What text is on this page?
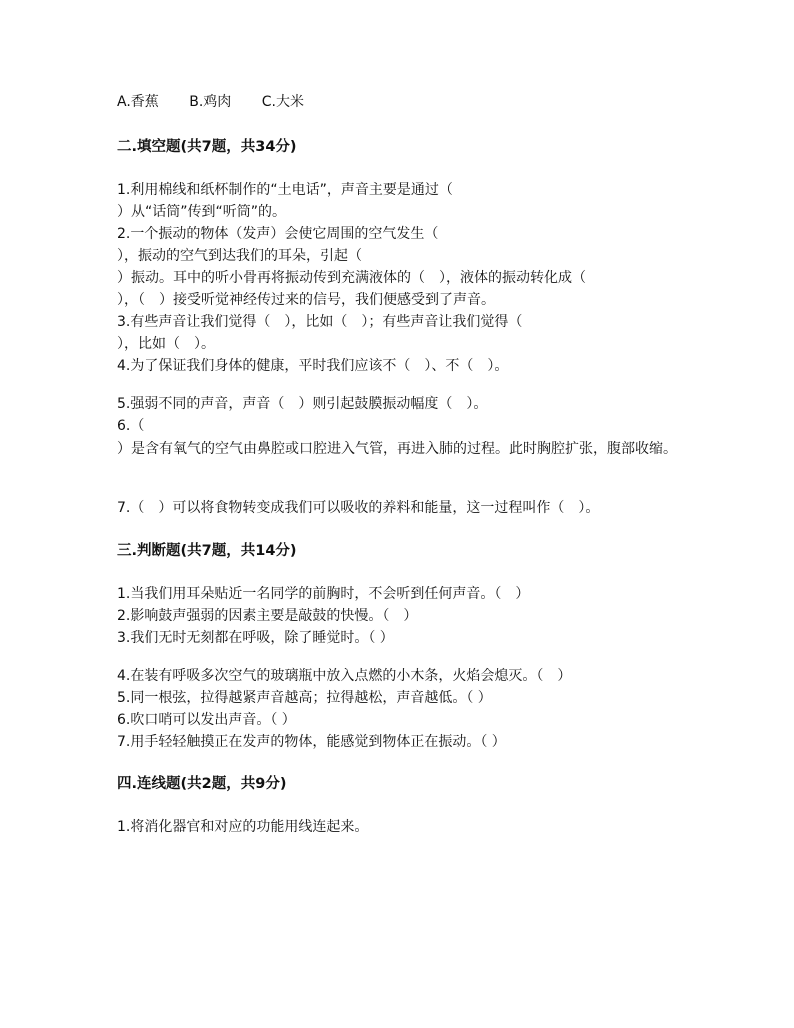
A.香蕉 B.鸡肉 C.大米
二.填空题(共7题，共34分)
1.利用棉线和纸杯制作的“土电话”，声音主要是通过（
）从“话筒”传到“听筒”的。
2.一个振动的物体（发声）会使它周围的空气发生（
），振动的空气到达我们的耳朵，引起（
）振动。耳中的听小骨再将振动传到充满液体的（　），液体的振动转化成（
），（　）接受听觉神经传过来的信号，我们便感受到了声音。
3.有些声音让我们觉得（　），比如（　）；有些声音让我们觉得（
），比如（　）。
4.为了保证我们身体的健康，平时我们应该不（　）、不（　）。
5.强弱不同的声音，声音（　）则引起鼓膜振动幅度（　）。
6.（
）是含有氧气的空气由鼻腔或口腔进入气管，再进入肺的过程。此时胸腔扩张，腹部收缩。
7.（　）可以将食物转变成我们可以吸收的养料和能量，这一过程叫作（　）。
三.判断题(共7题，共14分)
1.当我们用耳朵贴近一名同学的前胸时，不会听到任何声音。（　）
2.影响鼓声强弱的因素主要是敲鼓的快慢。（　）
3.我们无时无刻都在呼吸，除了睡觉时。（ ）
4.在装有呼吸多次空气的玻璃瓶中放入点燃的小木条，火焰会熄灭。（　）
5.同一根弦，拉得越紧声音越高；拉得越松，声音越低。（ ）
6.吹口哨可以发出声音。（ ）
7.用手轻轻触摸正在发声的物体，能感觉到物体正在振动。（ ）
四.连线题(共2题，共9分)
1.将消化器官和对应的功能用线连起来。
